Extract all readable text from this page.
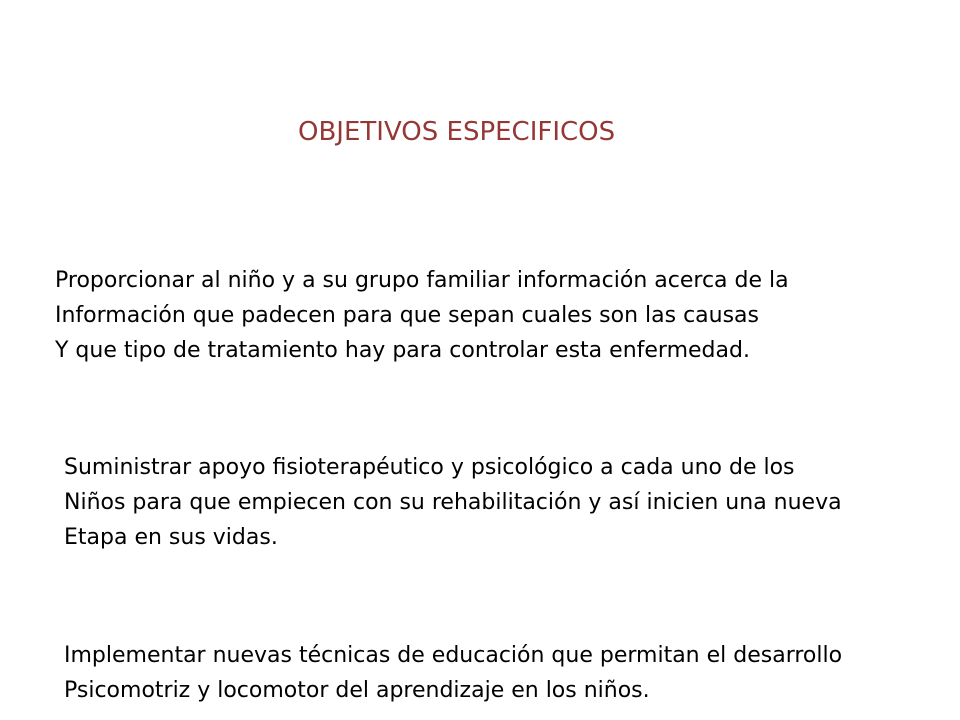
OBJETIVOS ESPECIFICOS

Proporcionar al niño y a su grupo familiar información acerca de la
Información que padecen para que sepan cuales son las causas
Y que tipo de tratamiento hay para controlar esta enfermedad.

Suministrar apoyo fisioterapéutico y psicológico a cada uno de los
Niños para que empiecen con su rehabilitación y así inicien una nueva
Etapa en sus vidas.

Implementar nuevas técnicas de educación que permitan el desarrollo
Psicomotriz y locomotor del aprendizaje en los niños.
